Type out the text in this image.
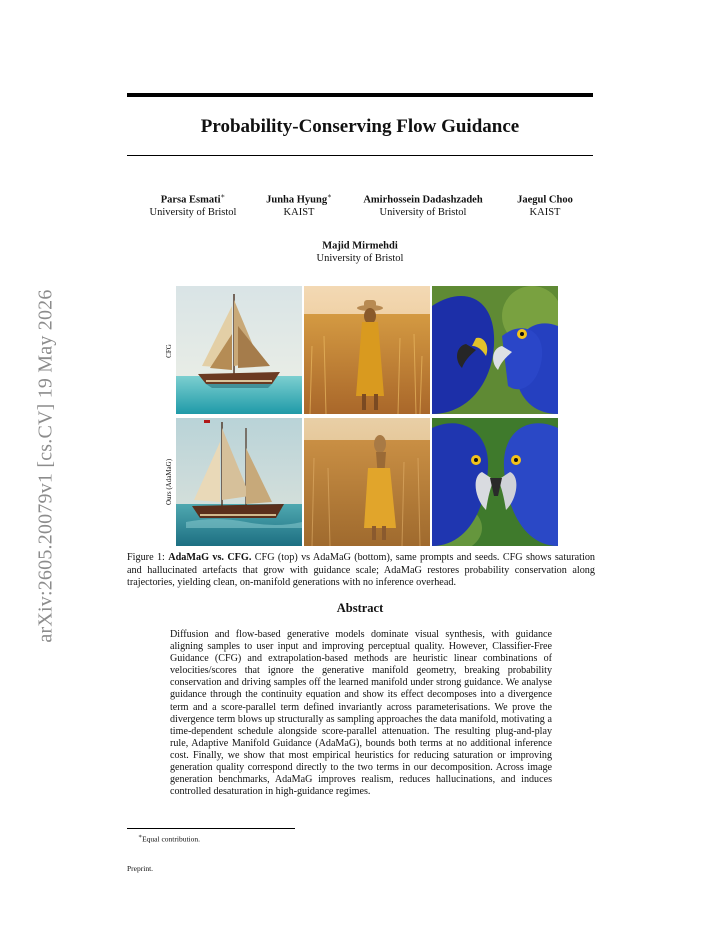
arXiv:2605.20079v1 [cs.CV] 19 May 2026
Probability-Conserving Flow Guidance
Parsa Esmati∗
University of Bristol
Junha Hyung∗
KAIST
Amirhossein Dadashzadeh
University of Bristol
Jaegul Choo
KAIST
Majid Mirmehdi
University of Bristol
CFG
Ours (AdaMaG)
Figure 1: AdaMaG vs. CFG. CFG (top) vs AdaMaG (bottom), same prompts and seeds. CFG shows saturation and hallucinated artefacts that grow with guidance scale; AdaMaG restores probability conservation along trajectories, yielding clean, on-manifold generations with no inference overhead.
Abstract
Diffusion and flow-based generative models dominate visual synthesis, with guidance aligning samples to user input and improving perceptual quality. However, Classifier-Free Guidance (CFG) and extrapolation-based methods are heuristic linear combinations of velocities/scores that ignore the generative manifold geometry, breaking probability conservation and driving samples off the learned manifold under strong guidance. We analyse guidance through the continuity equation and show its effect decomposes into a divergence term and a score-parallel term defined invariantly across parameterisations. We prove the divergence term blows up structurally as sampling approaches the data manifold, motivating a time-dependent schedule alongside score-parallel attenuation. The resulting plug-and-play rule, Adaptive Manifold Guidance (AdaMaG), bounds both terms at no additional inference cost. Finally, we show that most empirical heuristics for reducing saturation or improving generation quality correspond directly to the two terms in our decomposition. Across image generation benchmarks, AdaMaG improves realism, reduces hallucinations, and induces controlled desaturation in high-guidance regimes.
∗Equal contribution.
Preprint.
